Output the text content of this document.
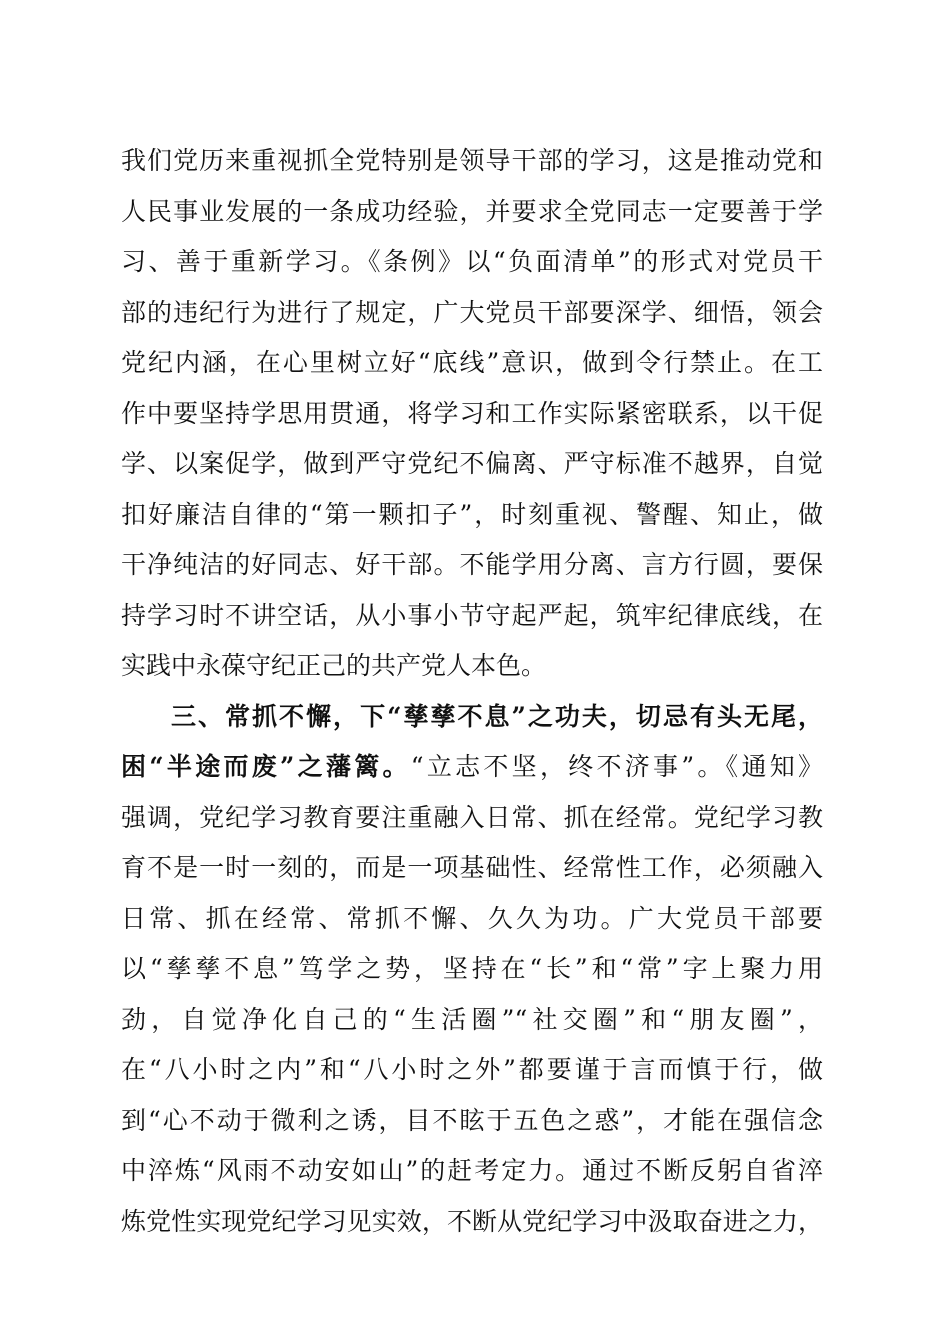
我们党历来重视抓全党特别是领导干部的学习，这是推动党和
人民事业发展的一条成功经验，并要求全党同志一定要善于学
习、善于重新学习。《条例》以“负面清单”的形式对党员干
部的违纪行为进行了规定，广大党员干部要深学、细悟，领会
党纪内涵，在心里树立好“底线”意识，做到令行禁止。在工
作中要坚持学思用贯通，将学习和工作实际紧密联系，以干促
学、以案促学，做到严守党纪不偏离、严守标准不越界，自觉
扣好廉洁自律的“第一颗扣子”，时刻重视、警醒、知止，做
干净纯洁的好同志、好干部。不能学用分离、言方行圆，要保
持学习时不讲空话，从小事小节守起严起，筑牢纪律底线，在
实践中永葆守纪正己的共产党人本色。
三、常抓不懈，下“孳孳不息”之功夫，切忌有头无尾，
困“半途而废”之藩篱。“立志不坚，终不济事”。《通知》
强调，党纪学习教育要注重融入日常、抓在经常。党纪学习教
育不是一时一刻的，而是一项基础性、经常性工作，必须融入
日常、抓在经常、常抓不懈、久久为功。广大党员干部要
以“孳孳不息”笃学之势，坚持在“长”和“常”字上聚力用
劲，自觉净化自己的“生活圈”“社交圈”和“朋友圈”，
在“八小时之内”和“八小时之外”都要谨于言而慎于行，做
到“心不动于微利之诱，目不眩于五色之惑”，才能在强信念
中淬炼“风雨不动安如山”的赶考定力。通过不断反躬自省淬
炼党性实现党纪学习见实效，不断从党纪学习中汲取奋进之力，
